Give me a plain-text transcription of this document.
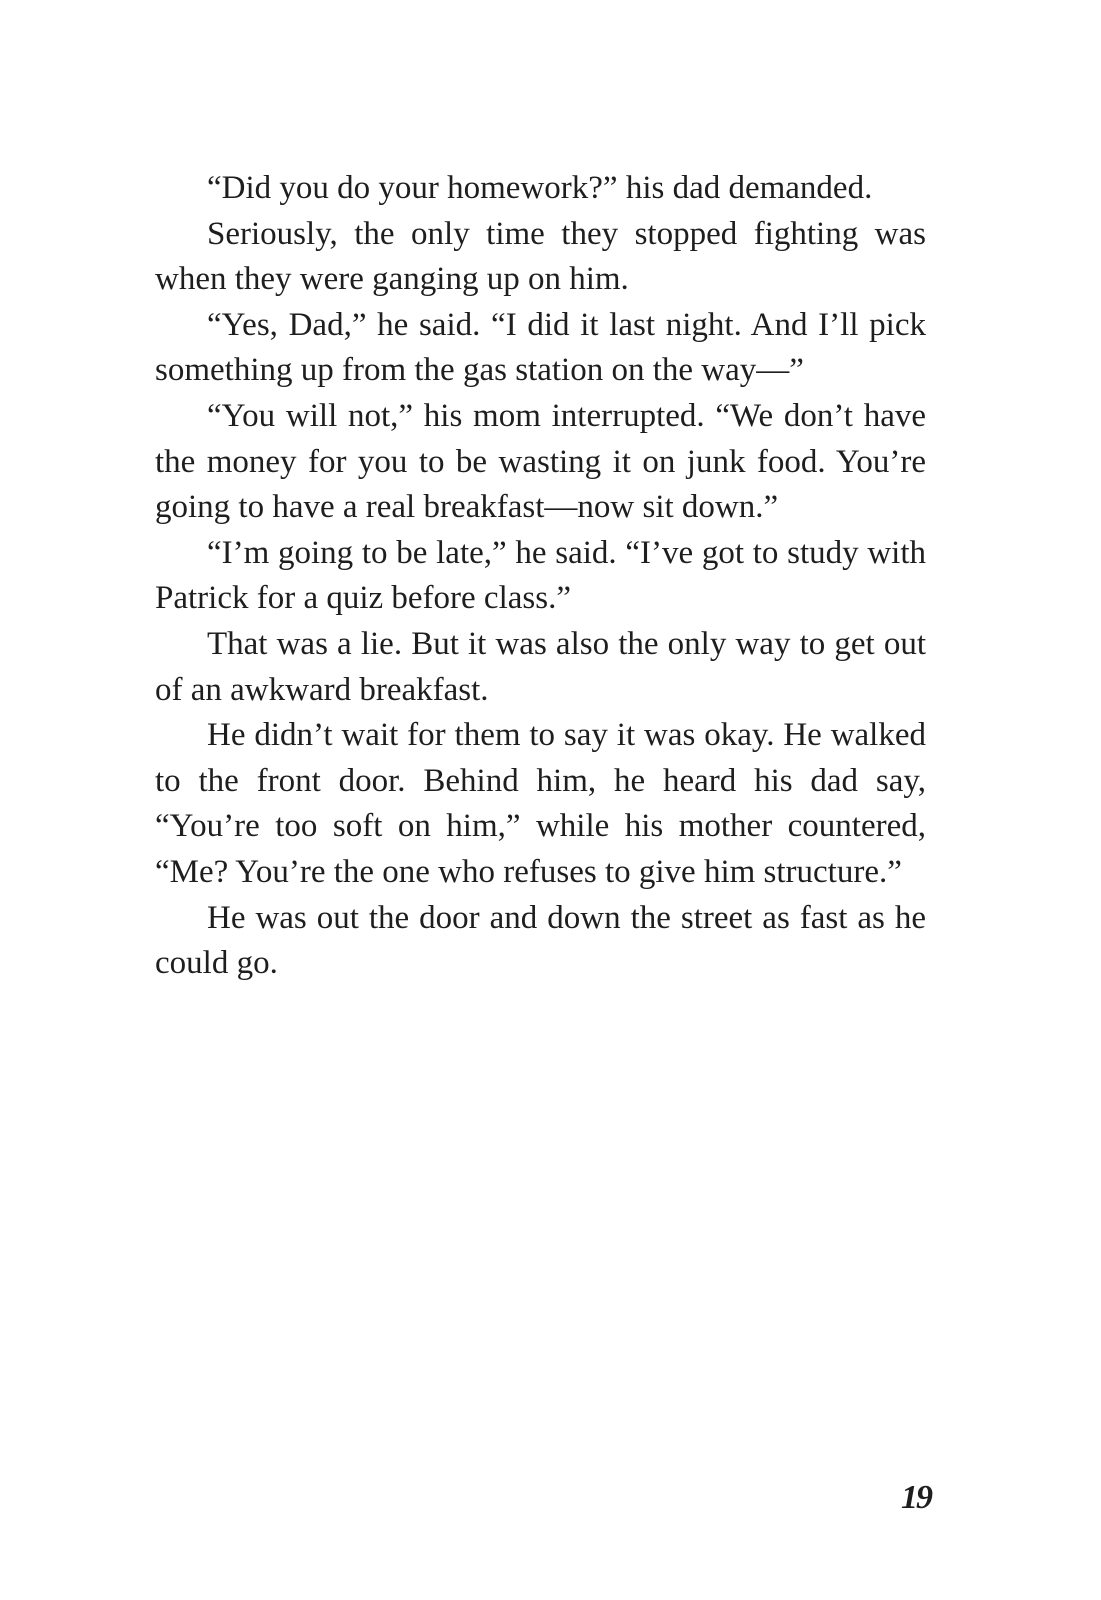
“Did you do your homework?” his dad demanded.

Seriously, the only time they stopped fighting was when they were ganging up on him.

“Yes, Dad,” he said. “I did it last night. And I’ll pick something up from the gas station on the way—”

“You will not,” his mom interrupted. “We don’t have the money for you to be wasting it on junk food. You’re going to have a real breakfast—now sit down.”

“I’m going to be late,” he said. “I’ve got to study with Patrick for a quiz before class.”

That was a lie. But it was also the only way to get out of an awkward breakfast.

He didn’t wait for them to say it was okay. He walked to the front door. Behind him, he heard his dad say, “You’re too soft on him,” while his mother countered, “Me? You’re the one who refuses to give him structure.”

He was out the door and down the street as fast as he could go.

19
